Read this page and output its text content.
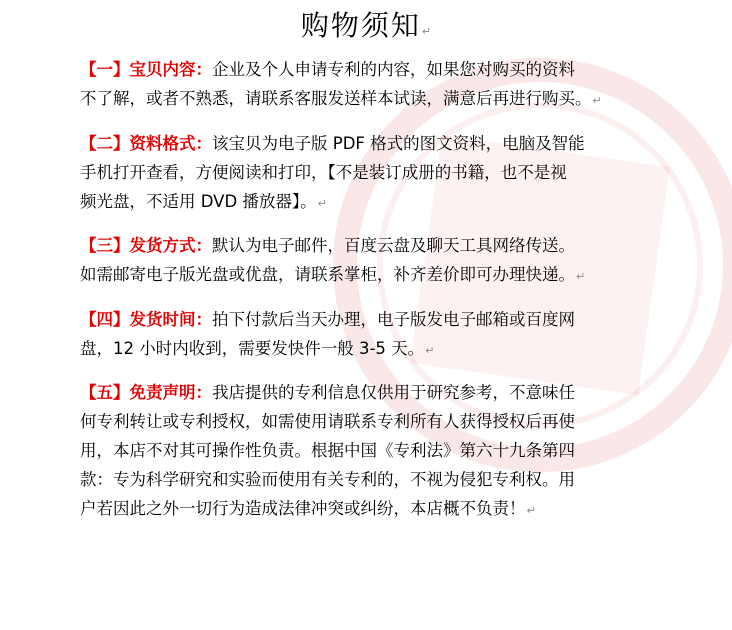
购物须知↵
【一】宝贝内容：企业及个人申请专利的内容，如果您对购买的资料
不了解，或者不熟悉，请联系客服发送样本试读，满意后再进行购买。↵
【二】资料格式：该宝贝为电子版 PDF 格式的图文资料，电脑及智能
手机打开查看，方便阅读和打印，【不是装订成册的书籍，也不是视
频光盘，不适用 DVD 播放器】。↵
【三】发货方式：默认为电子邮件，百度云盘及聊天工具网络传送。
如需邮寄电子版光盘或优盘，请联系掌柜，补齐差价即可办理快递。↵
【四】发货时间：拍下付款后当天办理，电子版发电子邮箱或百度网
盘，12 小时内收到，需要发快件一般 3-5 天。↵
【五】免责声明：我店提供的专利信息仅供用于研究参考，不意味任
何专利转让或专利授权，如需使用请联系专利所有人获得授权后再使
用，本店不对其可操作性负责。根据中国《专利法》第六十九条第四
款：专为科学研究和实验而使用有关专利的，不视为侵犯专利权。用
户若因此之外一切行为造成法律冲突或纠纷，本店概不负责！↵
